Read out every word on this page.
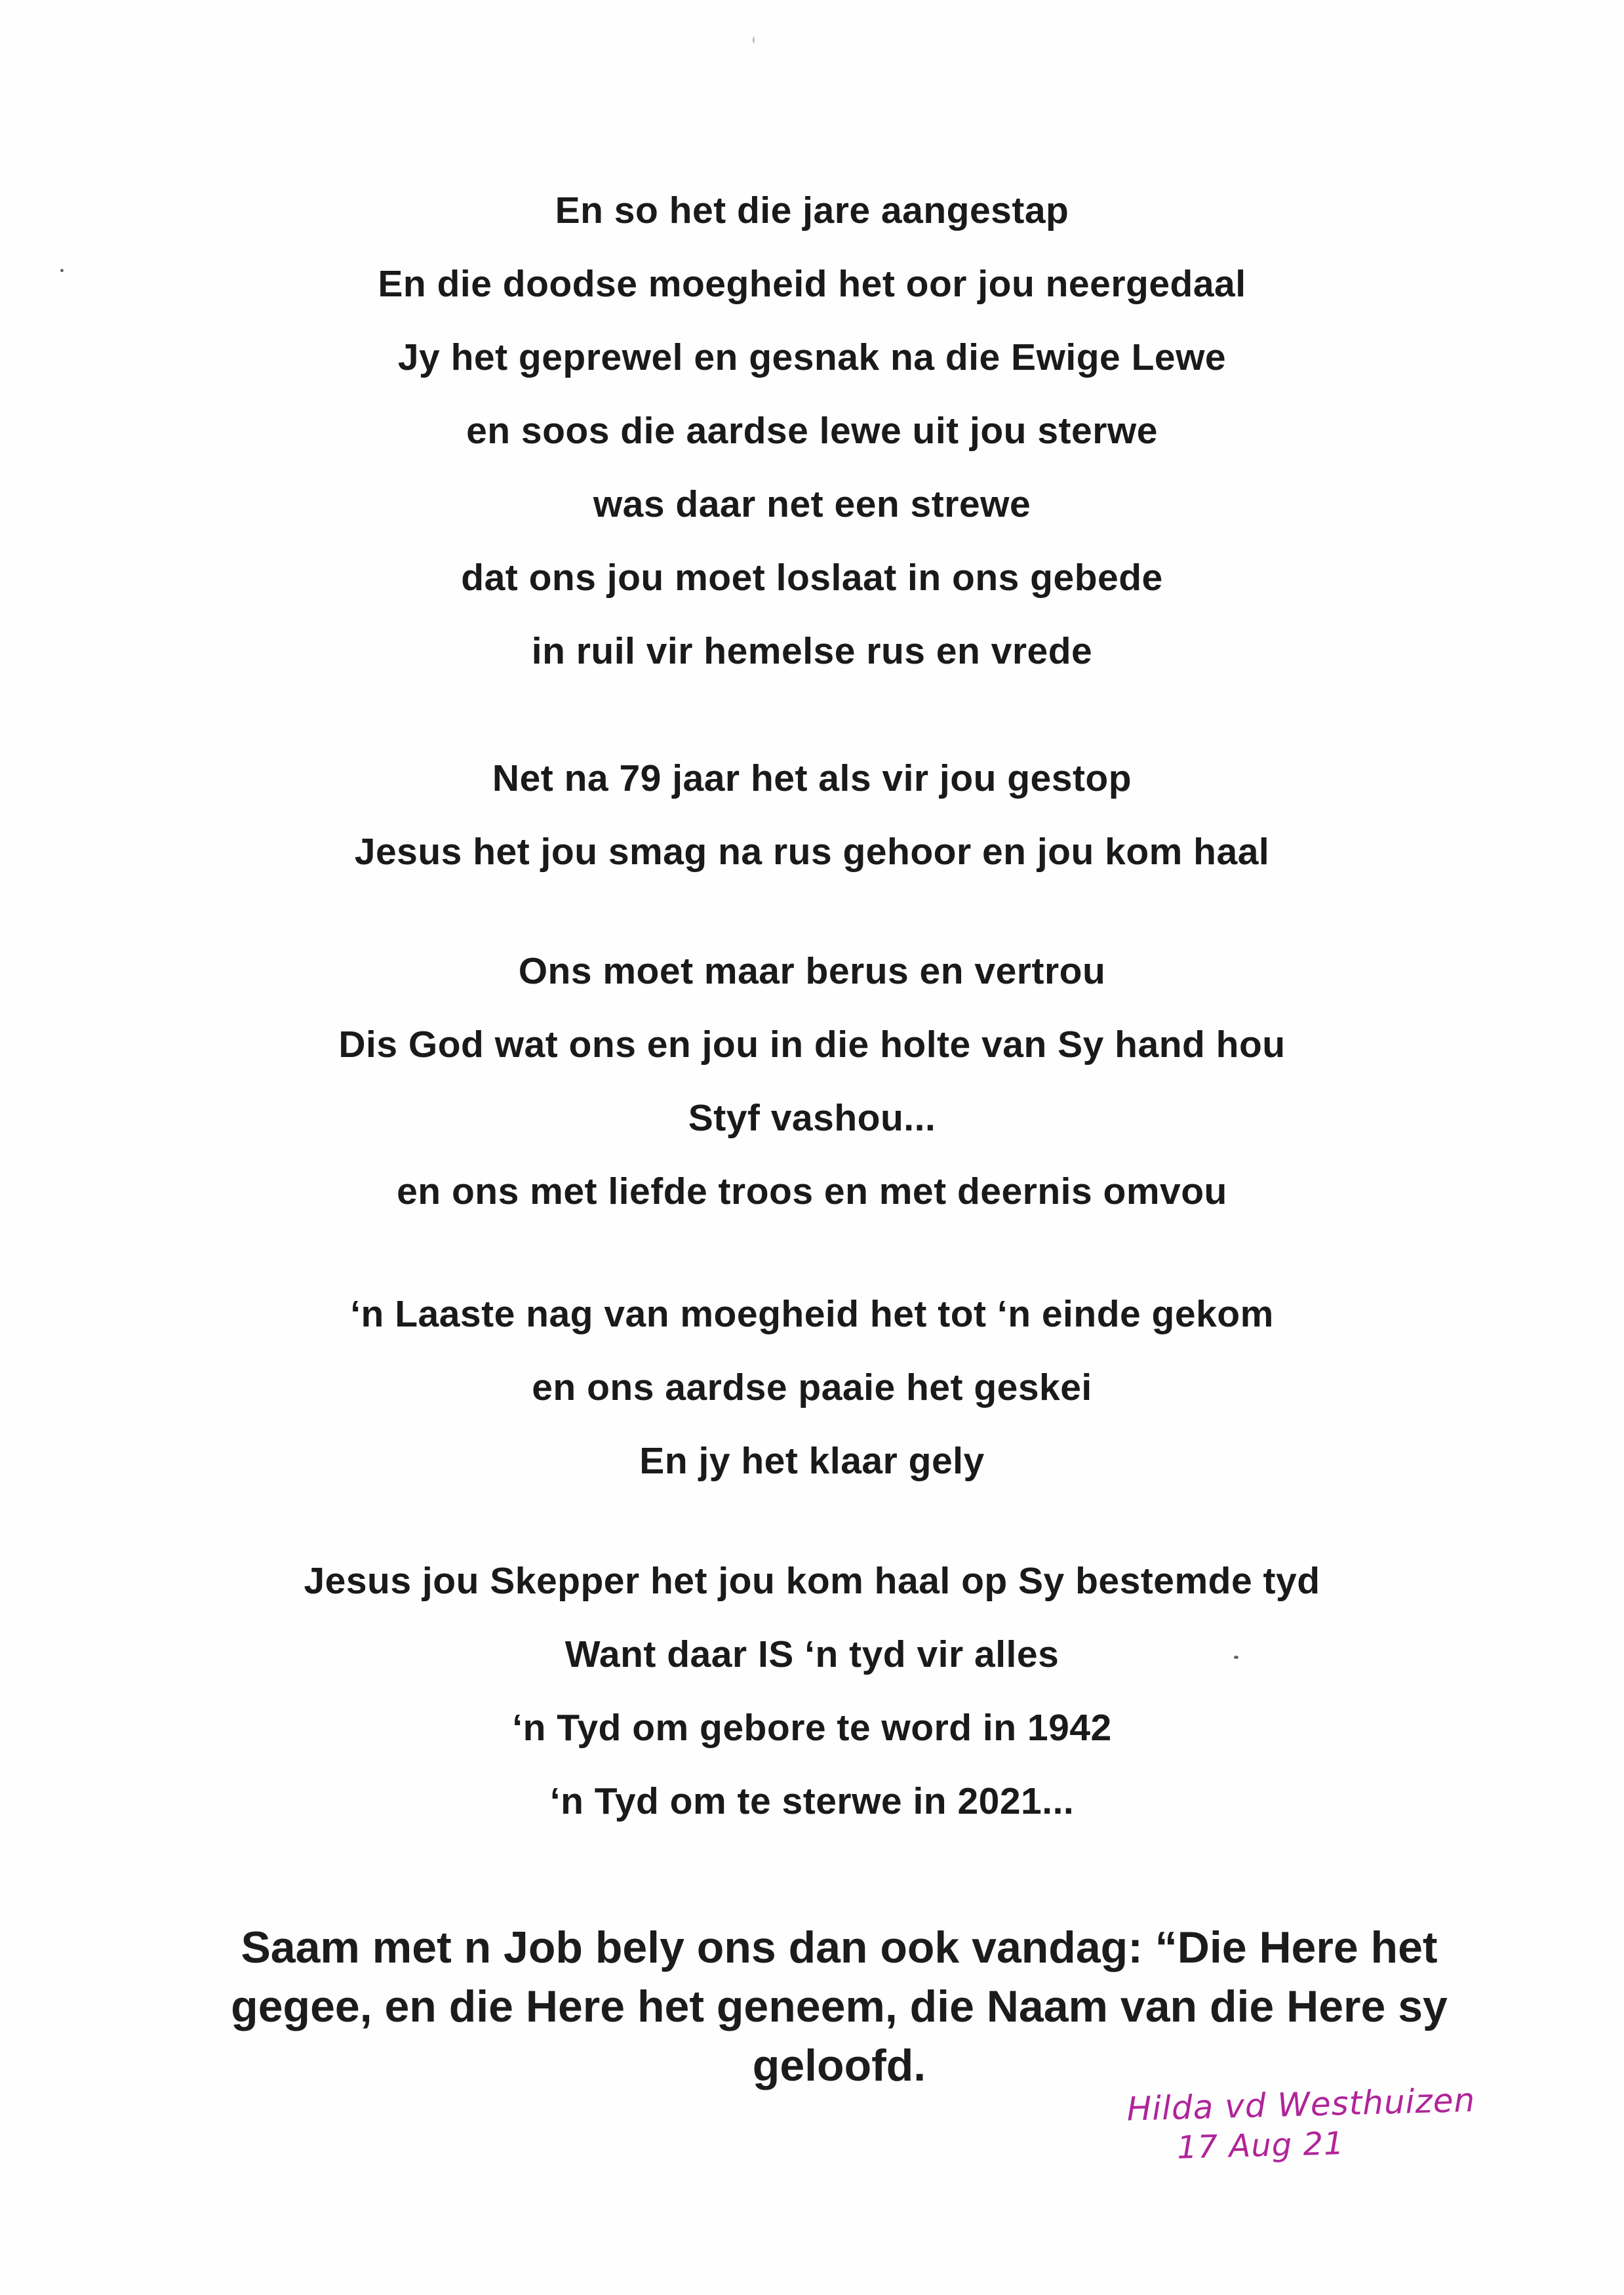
En so het die jare aangestap
En die doodse moegheid het oor jou neergedaal
Jy het geprewel en gesnak na die Ewige Lewe
en soos die aardse lewe uit jou sterwe
was daar net een strewe
dat ons jou moet loslaat in ons gebede
in ruil vir hemelse rus en vrede
Net na 79 jaar het als vir jou gestop
Jesus het jou smag na rus gehoor en jou kom haal
Ons moet maar berus en vertrou
Dis God wat ons en jou in die holte van Sy hand hou
Styf vashou...
en ons met liefde troos en met deernis omvou
‘n Laaste nag van moegheid het tot ‘n einde gekom
en ons aardse paaie het geskei
En jy het klaar gely
Jesus jou Skepper het jou kom haal op Sy bestemde tyd
Want daar IS ‘n tyd vir alles
‘n Tyd om gebore te word in 1942
‘n Tyd om te sterwe in 2021...
Saam met n Job bely ons dan ook vandag: “Die Here het
gegee, en die Here het geneem, die Naam van die Here sy
geloofd.
Hilda vd Westhuizen
17 Aug 21
